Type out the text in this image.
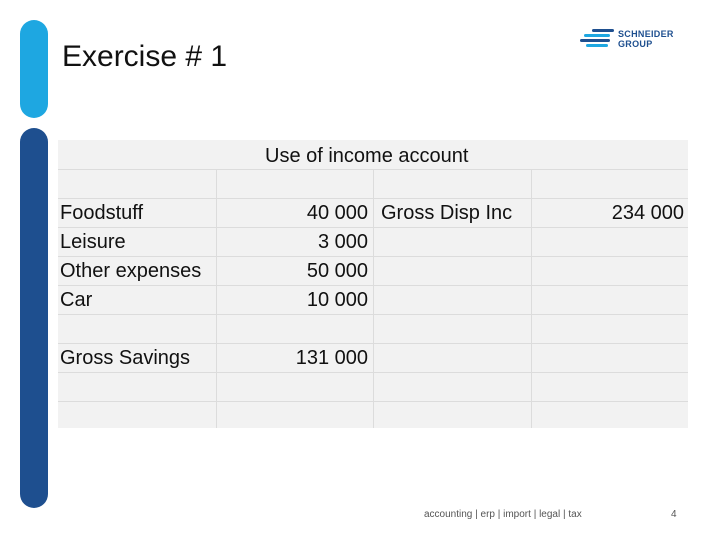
Exercise # 1
SCHNEIDER
GROUP
Use of income account
Foodstuff	40 000 Gross Disp Inc	234 000
Leisure	3 000
Other expenses	50 000
Car	10 000
Gross Savings	131 000
accounting | erp | import | legal | tax	4
